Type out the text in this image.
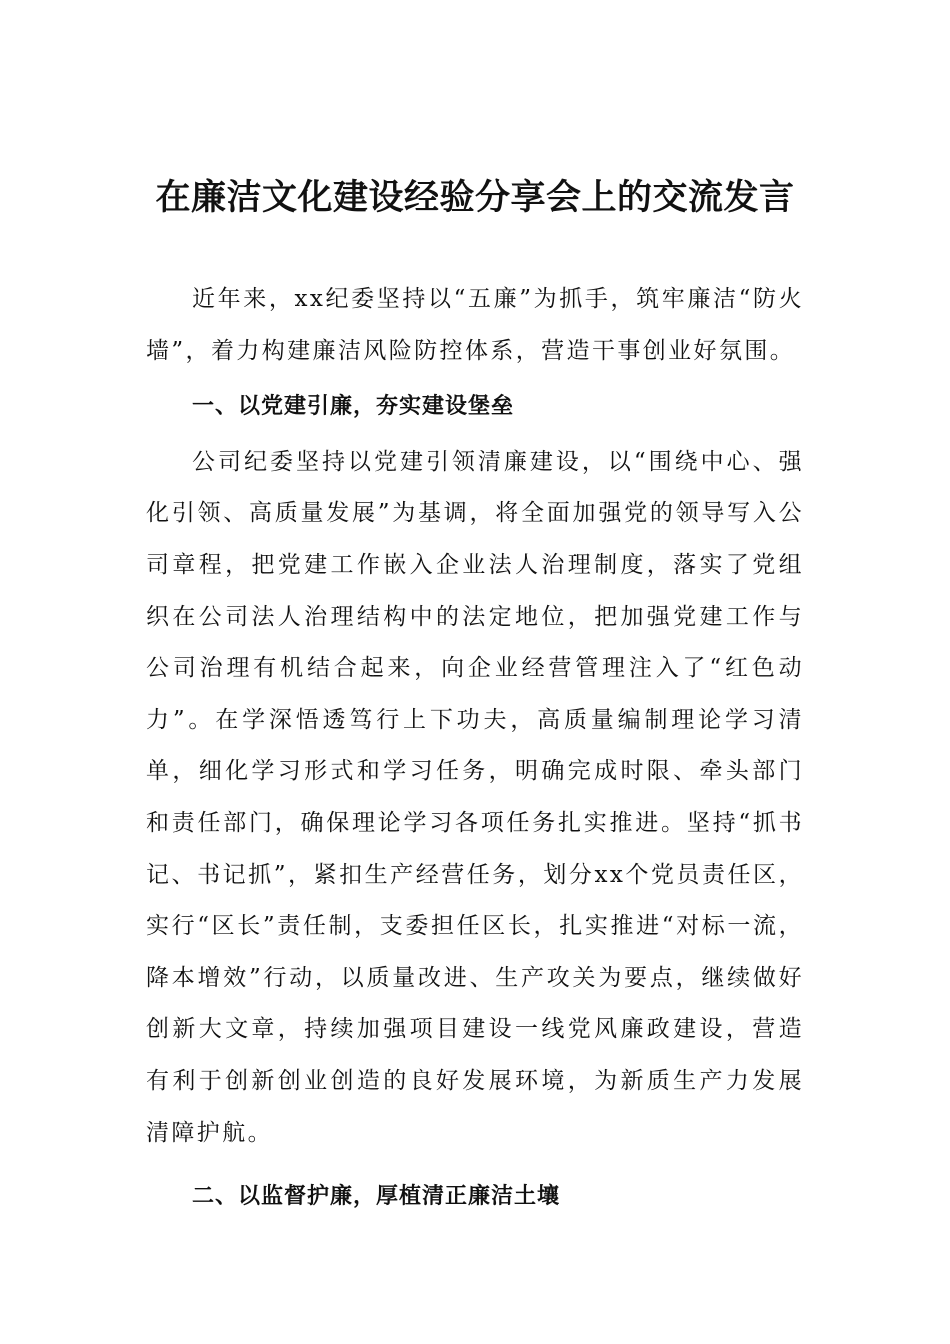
在廉洁文化建设经验分享会上的交流发言

近年来，xx纪委坚持以“五廉”为抓手，筑牢廉洁“防火墙”，着力构建廉洁风险防控体系，营造干事创业好氛围。

一、以党建引廉，夯实建设堡垒

公司纪委坚持以党建引领清廉建设，以“围绕中心、强化引领、高质量发展”为基调，将全面加强党的领导写入公司章程，把党建工作嵌入企业法人治理制度，落实了党组织在公司法人治理结构中的法定地位，把加强党建工作与公司治理有机结合起来，向企业经营管理注入了“红色动力”。在学深悟透笃行上下功夫，高质量编制理论学习清单，细化学习形式和学习任务，明确完成时限、牵头部门和责任部门，确保理论学习各项任务扎实推进。坚持“抓书记、书记抓”，紧扣生产经营任务，划分xx个党员责任区，实行“区长”责任制，支委担任区长，扎实推进“对标一流，降本增效”行动，以质量改进、生产攻关为要点，继续做好创新大文章，持续加强项目建设一线党风廉政建设，营造有利于创新创业创造的良好发展环境，为新质生产力发展清障护航。

二、以监督护廉，厚植清正廉洁土壤
